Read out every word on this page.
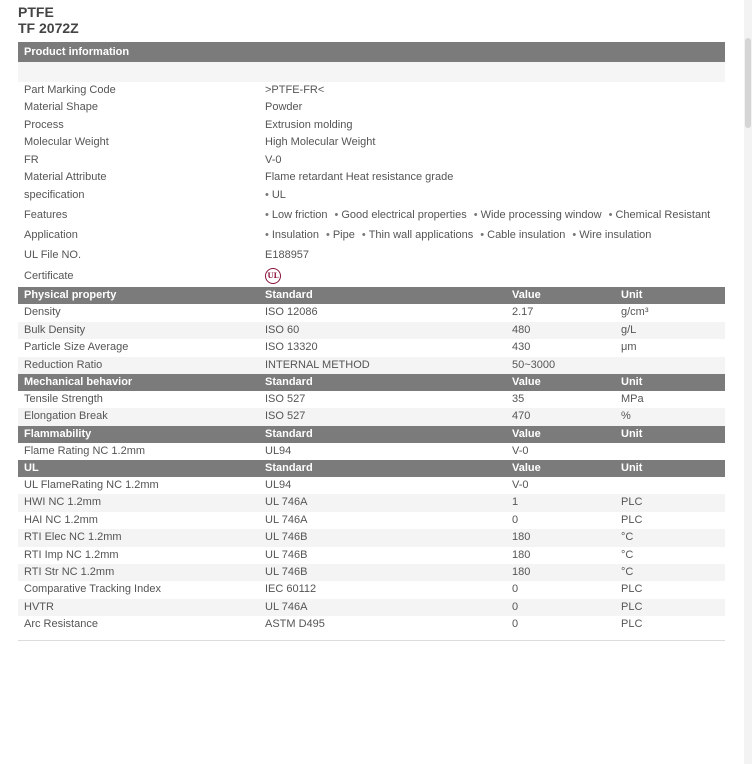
PTFE
TF 2072Z
Product information
Part Marking Code	>PTFE-FR<
Material Shape	Powder
Process	Extrusion molding
Molecular Weight	High Molecular Weight
FR	V-0
Material Attribute	Flame retardant Heat resistance grade
specification	• UL
Features	• Low friction • Good electrical properties • Wide processing window • Chemical Resistant
Application	• Insulation • Pipe • Thin wall applications • Cable insulation • Wire insulation
UL File NO.	E188957
Certificate	UL
Physical property	Standard	Value	Unit
Density	ISO 12086	2.17	g/cm³
Bulk Density	ISO 60	480	g/L
Particle Size Average	ISO 13320	430	μm
Reduction Ratio	INTERNAL METHOD	50~3000
Mechanical behavior	Standard	Value	Unit
Tensile Strength	ISO 527	35	MPa
Elongation Break	ISO 527	470	%
Flammability	Standard	Value	Unit
Flame Rating NC 1.2mm	UL94	V-0
UL	Standard	Value	Unit
UL FlameRating NC 1.2mm	UL94	V-0
HWI NC 1.2mm	UL 746A	1	PLC
HAI NC 1.2mm	UL 746A	0	PLC
RTI Elec NC 1.2mm	UL 746B	180	°C
RTI Imp NC 1.2mm	UL 746B	180	°C
RTI Str NC 1.2mm	UL 746B	180	°C
Comparative Tracking Index	IEC 60112	0	PLC
HVTR	UL 746A	0	PLC
Arc Resistance	ASTM D495	0	PLC
